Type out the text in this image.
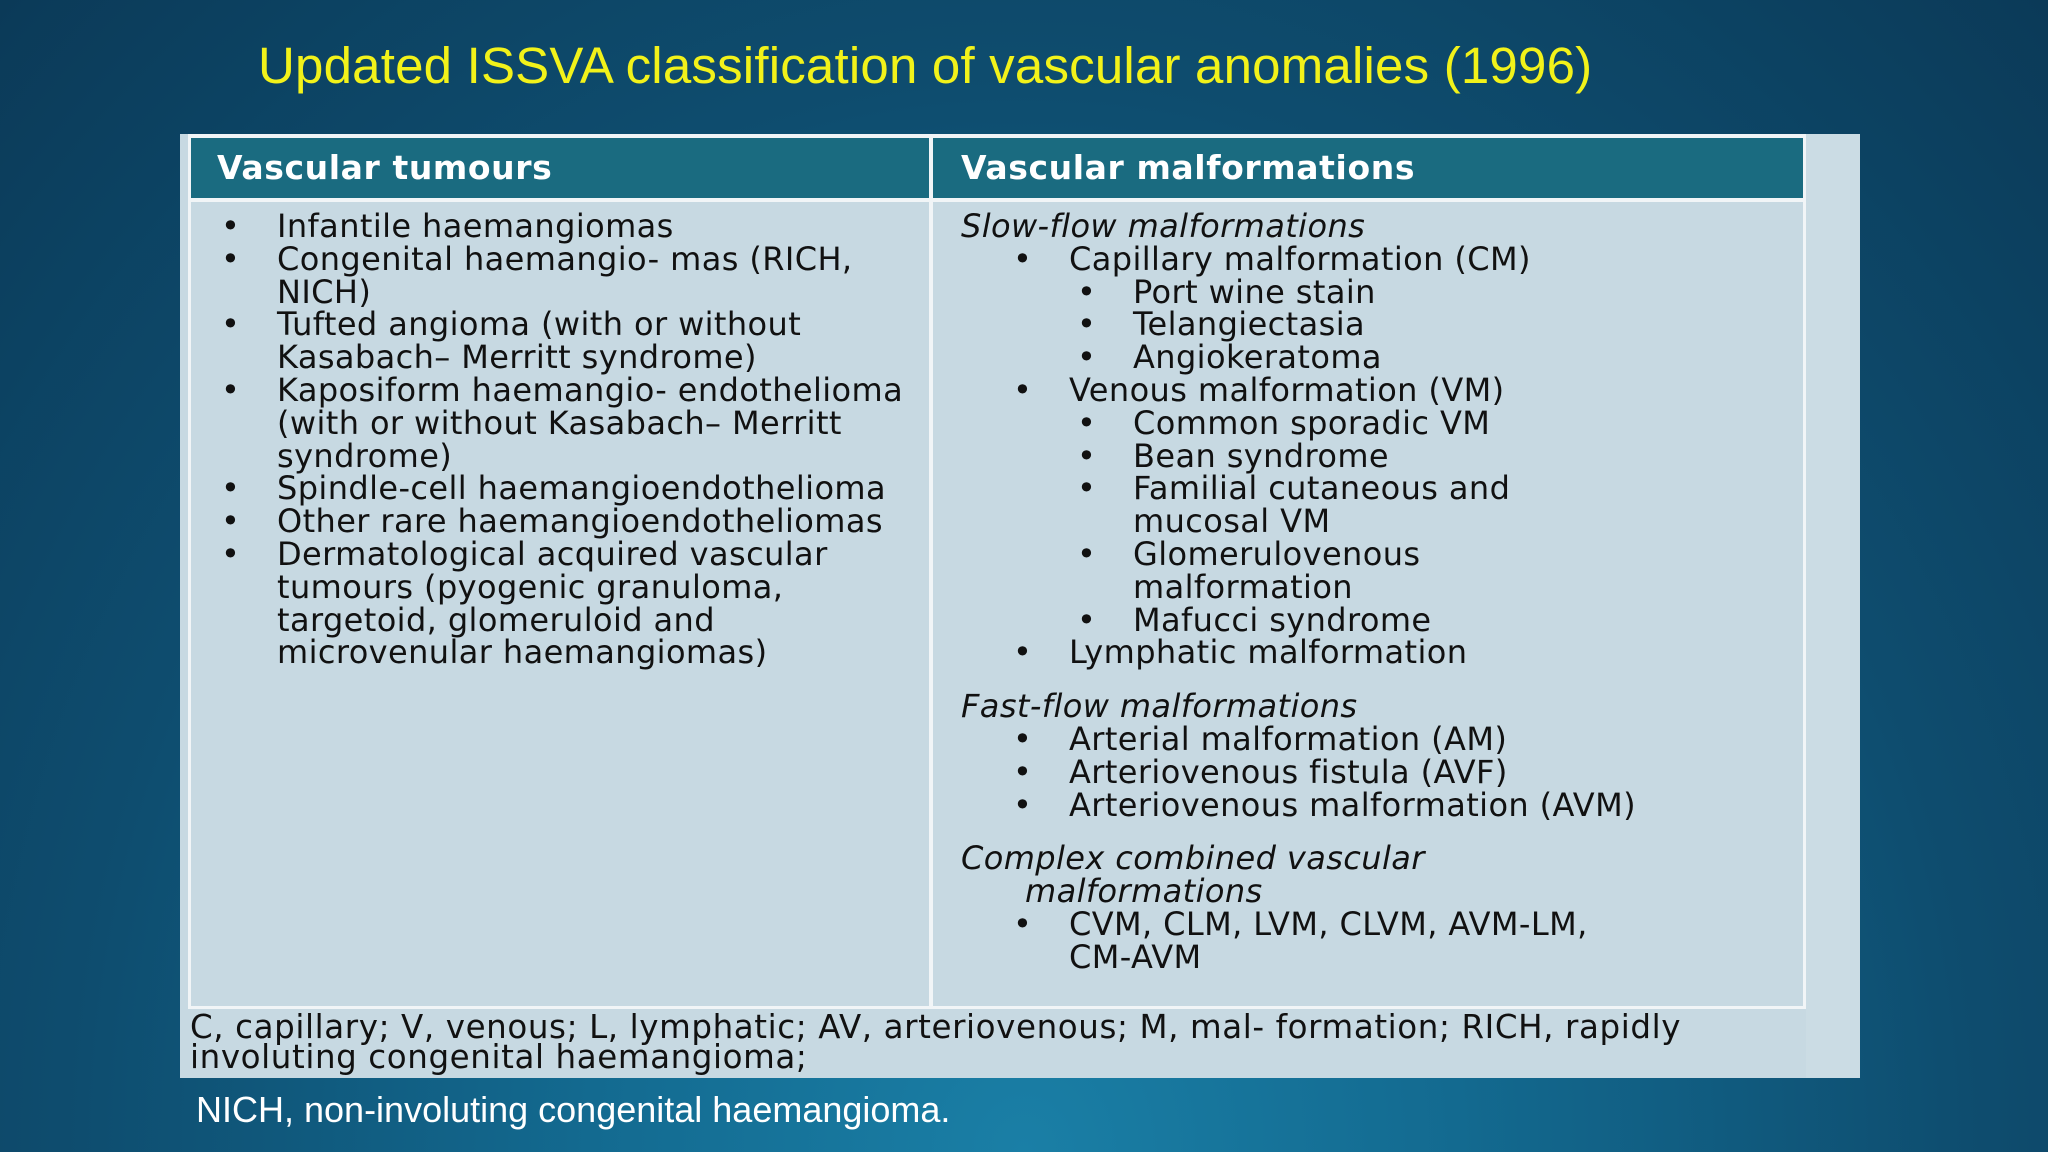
Updated ISSVA classification of vascular anomalies (1996)
Vascular tumours
• Infantile haemangiomas
• Congenital haemangio- mas (RICH, NICH)
• Tufted angioma (with or without Kasabach– Merritt syndrome)
• Kaposiform haemangio- endothelioma (with or without Kasabach– Merritt syndrome)
• Spindle-cell haemangioendothelioma
• Other rare haemangioendotheliomas
• Dermatological acquired vascular tumours (pyogenic granuloma, targetoid, glomeruloid and microvenular haemangiomas)
Vascular malformations
Slow-flow malformations
• Capillary malformation (CM)
• Port wine stain
• Telangiectasia
• Angiokeratoma
• Venous malformation (VM)
• Common sporadic VM
• Bean syndrome
• Familial cutaneous and mucosal VM
• Glomerulovenous malformation
• Mafucci syndrome
• Lymphatic malformation
Fast-flow malformations
• Arterial malformation (AM)
• Arteriovenous fistula (AVF)
• Arteriovenous malformation (AVM)
Complex combined vascular
malformations
• CVM, CLM, LVM, CLVM, AVM-LM, CM-AVM
C, capillary; V, venous; L, lymphatic; AV, arteriovenous; M, mal- formation; RICH, rapidly involuting congenital haemangioma;
NICH, non-involuting congenital haemangioma.
